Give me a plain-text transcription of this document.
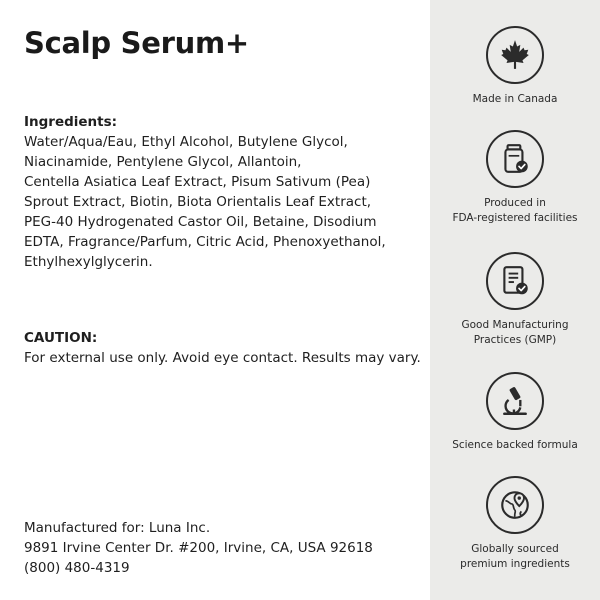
Scalp Serum+
Ingredients:
Water/Aqua/Eau, Ethyl Alcohol, Butylene Glycol,
Niacinamide, Pentylene Glycol, Allantoin,
Centella Asiatica Leaf Extract, Pisum Sativum (Pea)
Sprout Extract, Biotin, Biota Orientalis Leaf Extract,
PEG-40 Hydrogenated Castor Oil, Betaine, Disodium
EDTA, Fragrance/Parfum, Citric Acid, Phenoxyethanol,
Ethylhexylglycerin.
CAUTION:
For external use only. Avoid eye contact. Results may vary.
Manufactured for: Luna Inc.
9891 Irvine Center Dr. #200, Irvine, CA, USA 92618
(800) 480-4319
Made in Canada
Produced in
FDA-registered facilities
Good Manufacturing
Practices (GMP)
Science backed formula
Globally sourced
premium ingredients
